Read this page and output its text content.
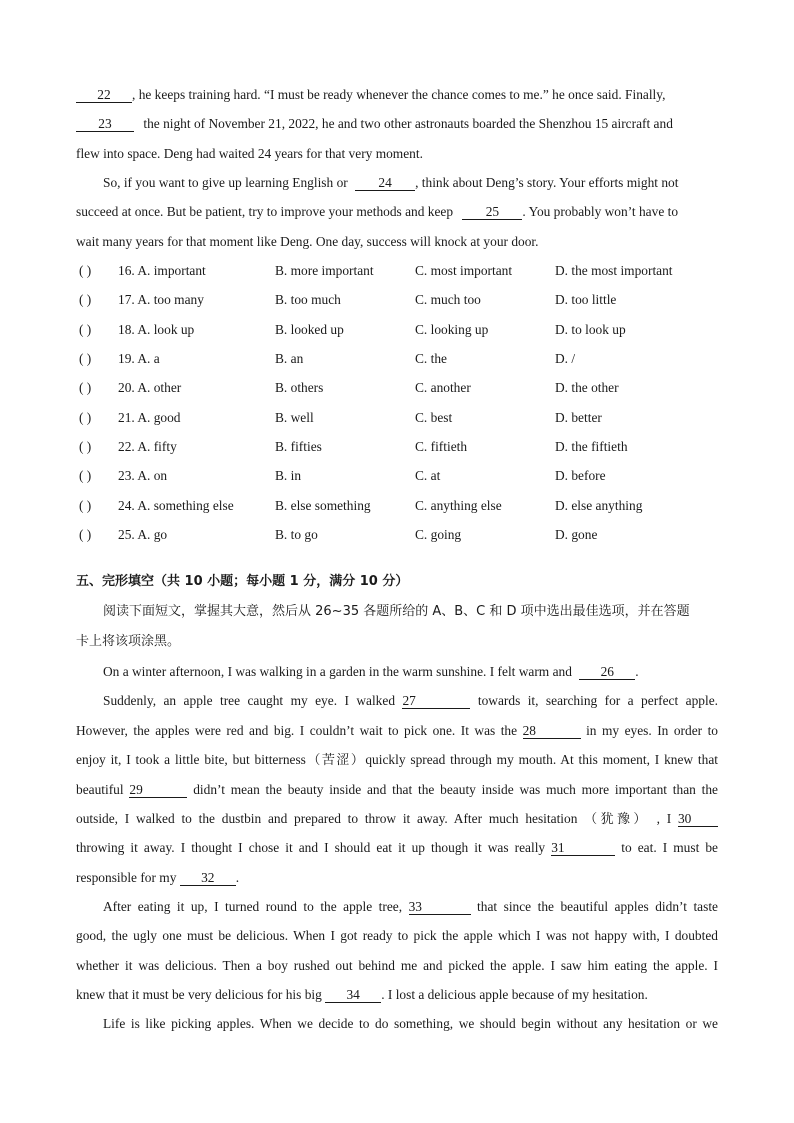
22 , he keeps training hard. “I must be ready whenever the chance comes to me.” he once said. Finally,
23 the night of November 21, 2022, he and two other astronauts boarded the Shenzhou 15 aircraft and
flew into space. Deng had waited 24 years for that very moment.
So, if you want to give up learning English or 24 , think about Deng’s story. Your efforts might not
succeed at once. But be patient, try to improve your methods and keep 25 . You probably won’t have to
wait many years for that moment like Deng. One day, success will knock at your door.
( ) 16. A. important	B. more important	C. most important	D. the most important
( ) 17. A. too many	B. too much	C. much too	D. too little
( ) 18. A. look up	B. looked up	C. looking up	D. to look up
( ) 19. A. a	B. an	C. the	D. /
( ) 20. A. other	B. others	C. another	D. the other
( ) 21. A. good	B. well	C. best	D. better
( ) 22. A. fifty	B. fifties	C. fiftieth	D. the fiftieth
( ) 23. A. on	B. in	C. at	D. before
( ) 24. A. something else	B. else something	C. anything else	D. else anything
( ) 25. A. go	B. to go	C. going	D. gone
五、完形填空（共 10 小题；每小题 1 分，满分 10 分）
阅读下面短文，掌握其大意，然后从 26~35 各题所给的 A、B、C 和 D 项中选出最佳选项，并在答题
卡上将该项涂黑。
On a winter afternoon, I was walking in a garden in the warm sunshine. I felt warm and 26 .
Suddenly, an apple tree caught my eye. I walked 27	towards it, searching for a perfect apple.
However, the apples were red and big. I couldn’t wait to pick one. It was the 28	in my eyes. In order to
enjoy it, I took a little bite, but bitterness（苦涩）quickly spread through my mouth. At this moment, I knew that
beautiful 29	didn’t mean the beauty inside and that the beauty inside was much more important than the
outside, I walked to the dustbin and prepared to throw it away. After much hesitation （犹豫） , I 30
throwing it away. I thought I chose it and I should eat it up though it was really 31	to eat. I must be
responsible for my 32 .
After eating it up, I turned round to the apple tree, 33	that since the beautiful apples didn’t taste
good, the ugly one must be delicious. When I got ready to pick the apple which I was not happy with, I doubted
whether it was delicious. Then a boy rushed out behind me and picked the apple. I saw him eating the apple. I
knew that it must be very delicious for his big 34 . I lost a delicious apple because of my hesitation.
Life is like picking apples. When we decide to do something, we should begin without any hesitation or we
